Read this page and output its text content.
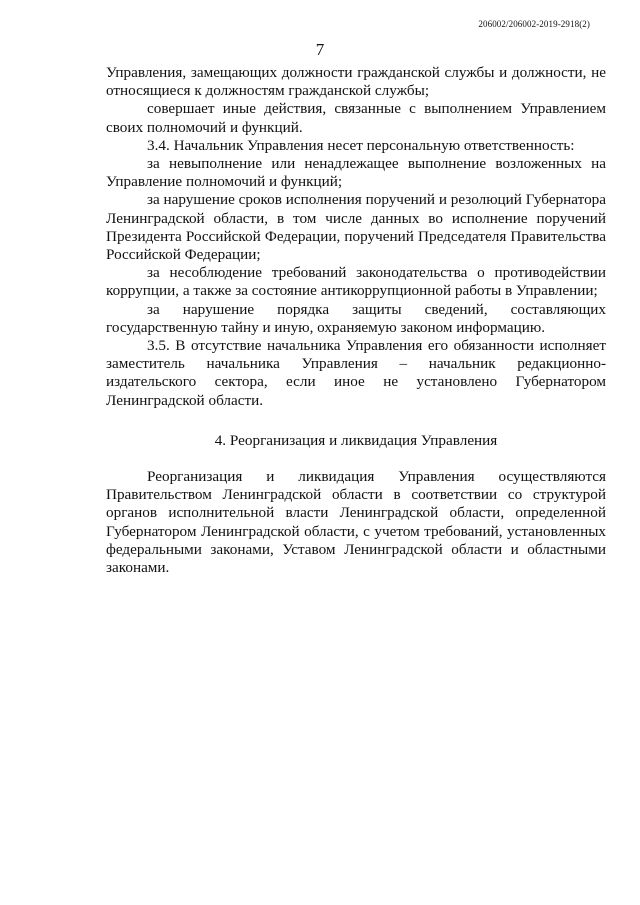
206002/206002-2019-2918(2)
7

Управления, замещающих должности гражданской службы и должности, не относящиеся к должностям гражданской службы;

совершает иные действия, связанные с выполнением Управлением своих полномочий и функций.

3.4. Начальник Управления несет персональную ответственность:

за невыполнение или ненадлежащее выполнение возложенных на Управление полномочий и функций;

за нарушение сроков исполнения поручений и резолюций Губернатора Ленинградской области, в том числе данных во исполнение поручений Президента Российской Федерации, поручений Председателя Правительства Российской Федерации;

за несоблюдение требований законодательства о противодействии коррупции, а также за состояние антикоррупционной работы в Управлении;

за нарушение порядка защиты сведений, составляющих государственную тайну и иную, охраняемую законом информацию.

3.5. В отсутствие начальника Управления его обязанности исполняет заместитель начальника Управления – начальник редакционно-издательского сектора, если иное не установлено Губернатором Ленинградской области.

4. Реорганизация и ликвидация Управления

Реорганизация и ликвидация Управления осуществляются Правительством Ленинградской области в соответствии со структурой органов исполнительной власти Ленинградской области, определенной Губернатором Ленинградской области, с учетом требований, установленных федеральными законами, Уставом Ленинградской области и областными законами.
